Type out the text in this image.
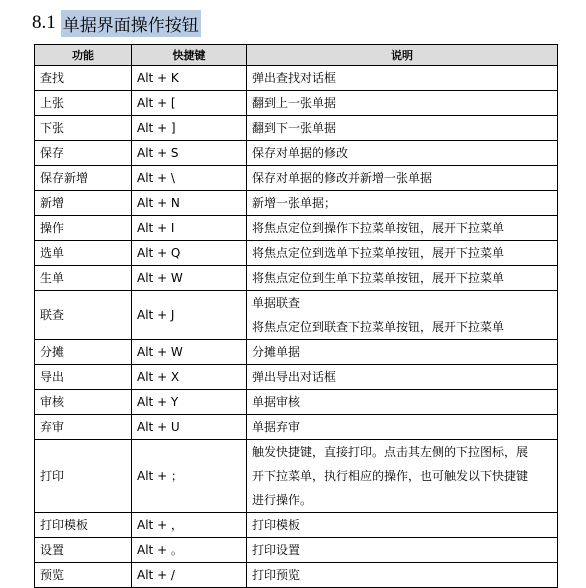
8.1 单据界面操作按钮
功能	快捷键	说明
查找	Alt + K	弹出查找对话框

上张	Alt + [	翻到上一张单据

下张	Alt + ]	翻到下一张单据

保存	Alt + S	保存对单据的修改

保存新增	Alt + \	保存对单据的修改并新增一张单据

新增	Alt + N	新增一张单据；

操作	Alt + I	将焦点定位到操作下拉菜单按钮，展开下拉菜单

选单	Alt + Q	将焦点定位到选单下拉菜单按钮，展开下拉菜单

生单	Alt + W	将焦点定位到生单下拉菜单按钮，展开下拉菜单

联查	Alt + J	单据联查
将焦点定位到联查下拉菜单按钮，展开下拉菜单

分摊	Alt + W	分摊单据

导出	Alt + X	弹出导出对话框

审核	Alt + Y	单据审核

弃审	Alt + U	单据弃审

打印	Alt + ；	触发快捷键，直接打印。点击其左侧的下拉图标，展
开下拉菜单，执行相应的操作，也可触发以下快捷键
进行操作。

打印模板	Alt + ，	打印模板

设置	Alt + 。	打印设置

预览	Alt + /	打印预览
